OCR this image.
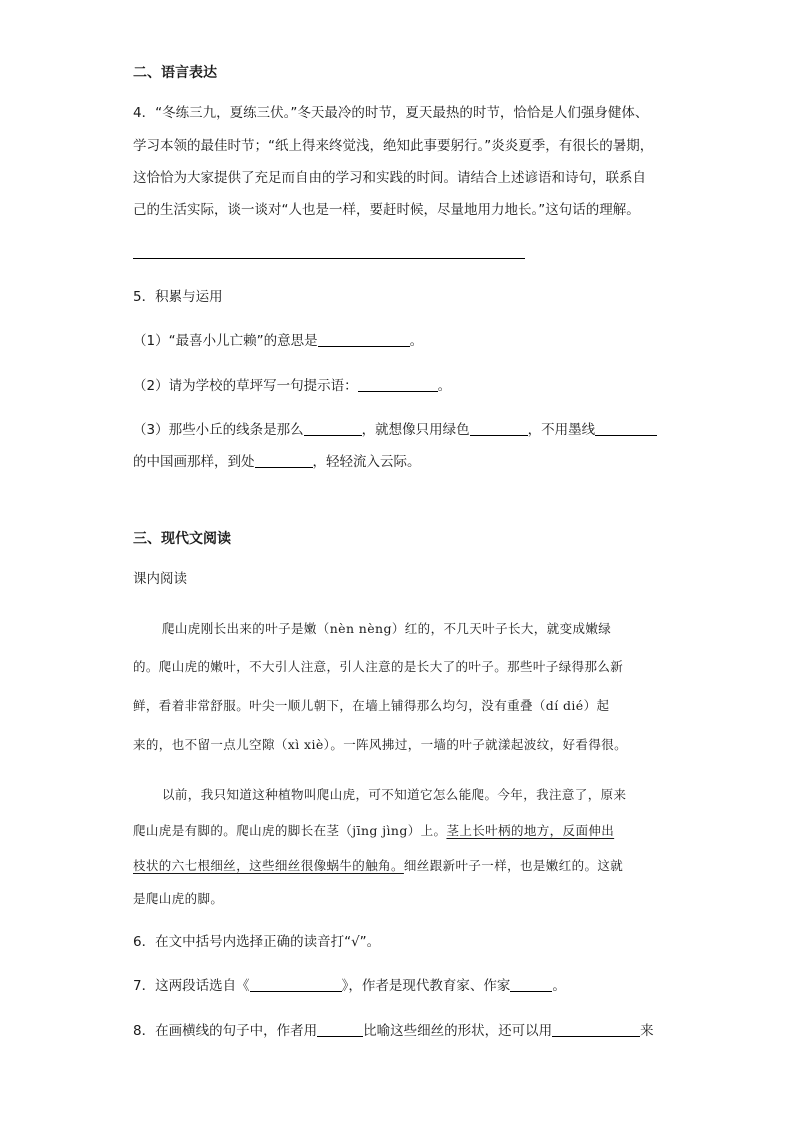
二、语言表达
4．“冬练三九，夏练三伏。”冬天最冷的时节，夏天最热的时节，恰恰是人们强身健体、
学习本领的最佳时节；“纸上得来终觉浅，绝知此事要躬行。”炎炎夏季，有很长的暑期，
这恰恰为大家提供了充足而自由的学习和实践的时间。请结合上述谚语和诗句，联系自
己的生活实际，谈一谈对“人也是一样，要赶时候，尽量地用力地长。”这句话的理解。
5．积累与运用
（1）“最喜小儿亡赖”的意思是	。
（2）请为学校的草坪写一句提示语：	。
（3）那些小丘的线条是那么	，就想像只用绿色	，不用墨线
的中国画那样，到处	，轻轻流入云际。
三、现代文阅读
课内阅读
爬山虎刚长出来的叶子是嫩（nèn nèng）红的，不几天叶子长大，就变成嫩绿
的。爬山虎的嫩叶，不大引人注意，引人注意的是长大了的叶子。那些叶子绿得那么新
鲜，看着非常舒服。叶尖一顺儿朝下，在墙上铺得那么均匀，没有重叠（dí dié）起
来的，也不留一点儿空隙（xì xiè）。一阵风拂过，一墙的叶子就漾起波纹，好看得很。
以前，我只知道这种植物叫爬山虎，可不知道它怎么能爬。今年，我注意了，原来
爬山虎是有脚的。爬山虎的脚长在茎（jīng jìng）上。茎上长叶柄的地方，反面伸出
枝状的六七根细丝，这些细丝很像蜗牛的触角。细丝跟新叶子一样，也是嫩红的。这就
是爬山虎的脚。
6．在文中括号内选择正确的读音打“√”。
7．这两段话选自《	》，作者是现代教育家、作家	。
8．在画横线的句子中，作者用	比喻这些细丝的形状，还可以用	来
